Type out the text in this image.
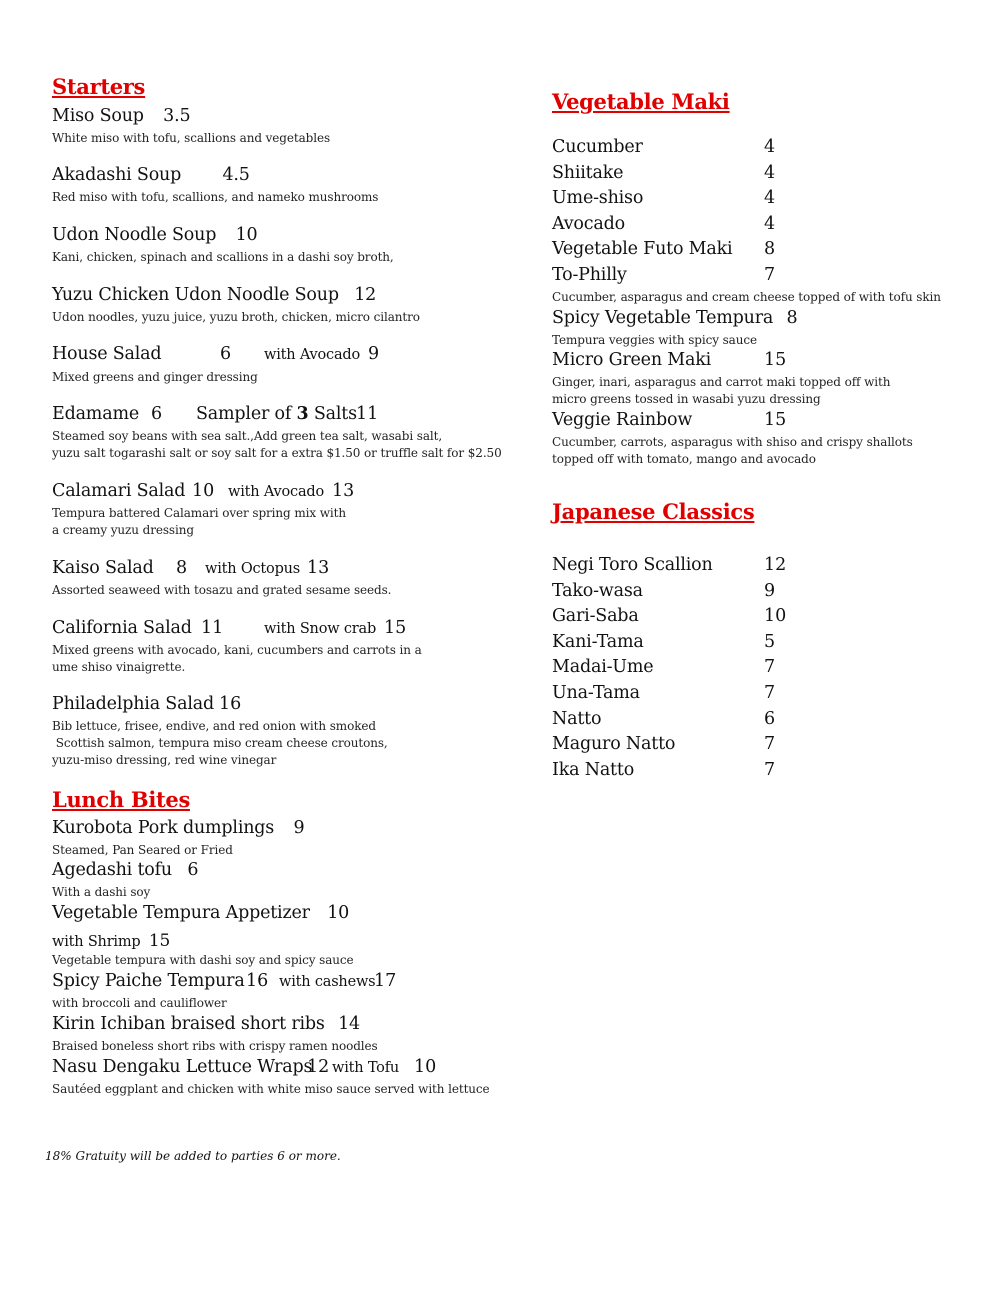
Starters
Miso Soup 3.5
White miso with tofu, scallions and vegetables
Akadashi Soup 4.5
Red miso with tofu, scallions, and nameko mushrooms
Udon Noodle Soup 10
Kani, chicken, spinach and scallions in a dashi soy broth,
Yuzu Chicken Udon Noodle Soup 12
Udon noodles, yuzu juice, yuzu broth, chicken, micro cilantro
House Salad	6 with Avocado 9
Mixed greens and ginger dressing
Edamame 6 Sampler of 3 Salts 11
Steamed soy beans with sea salt.,Add green tea salt, wasabi salt,
yuzu salt togarashi salt or soy salt for a extra $1.50 or truffle salt for $2.50
Calamari Salad 10 with Avocado 13
Tempura battered Calamari over spring mix with
a creamy yuzu dressing
Kaiso Salad 8 with Octopus 13
Assorted seaweed with tosazu and grated sesame seeds.
California Salad 11	with Snow crab 15
Mixed greens with avocado, kani, cucumbers and carrots in a
ume shiso vinaigrette.
Philadelphia Salad 16
Bib lettuce, frisee, endive, and red onion with smoked
Scottish salmon, tempura miso cream cheese croutons,
yuzu-miso dressing, red wine vinegar
Lunch Bites
Kurobota Pork dumplings 9
Steamed, Pan Seared or Fried
Agedashi tofu 6
With a dashi soy
Vegetable Tempura Appetizer 10
with Shrimp 15
Vegetable tempura with dashi soy and spicy sauce
Spicy Paiche Tempura 16 with cashews
17
with broccoli and cauliflower
Kirin Ichiban braised short ribs 14
Braised boneless short ribs with crispy ramen noodles
Nasu Dengaku Lettuce Wraps
12 with Tofu 10
Sautéed eggplant and chicken with white miso sauce served with lettuce
Vegetable Maki
Cucumber	4
Shiitake	4
Ume-shiso	4
Avocado	4
Vegetable Futo Maki 8
To-Philly	7
Cucumber, asparagus and cream cheese topped of with tofu skin
Spicy Vegetable Tempura 8
Tempura veggies with spicy sauce
Micro Green Maki	15
Ginger, inari, asparagus and carrot maki topped off with
micro greens tossed in wasabi yuzu dressing
Veggie Rainbow	15
Cucumber, carrots, asparagus with shiso and crispy shallots
topped off with tomato, mango and avocado
Japanese Classics
Negi Toro Scallion	12
Tako-wasa	9
Gari-Saba	10
Kani-Tama	5
Madai-Ume	7
Una-Tama	7
Natto	6
Maguro Natto	7
Ika Natto	7
18% Gratuity will be added to parties 6 or more.
